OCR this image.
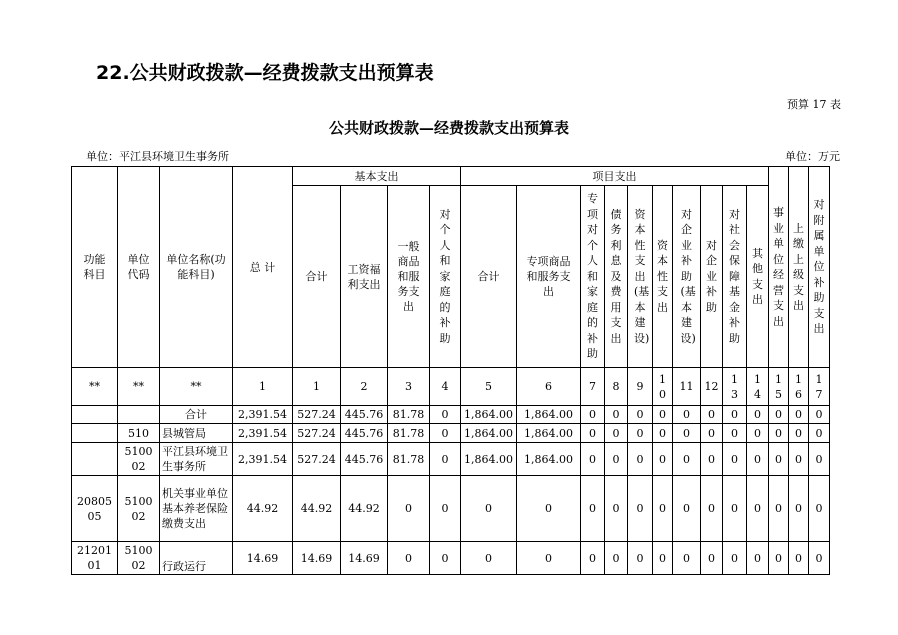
22.公共财政拨款—经费拨款支出预算表
预算 17 表
公共财政拨款—经费拨款支出预算表
单位：平江县环境卫生事务所	单位：万元
功能科目	单位代码	单位名称(功能科目)	总 计	基本支出				项目支出										事业单位经营支出	上缴上级支出	对附属单位补助支出
				合计	工资福利支出	一般商品和服务支出	对个人和家庭的补助	合计	专项商品和服务支出	专项对个人和家庭的补助	债务利息及费用支出	资本性支出(基本建设)	资本性支出	对企业补助(基本建设)	对企业补助	对社会保障基金补助	其他支出			
**	**	**	1	1	2	3	4	5	6	7	8	9	10	11	12	13	14	15	16	17
		合计	2,391.54	527.24	445.76	81.78	0	1,864.00	1,864.00	0	0	0	0	0	0	0	0	0	0	0
	510	县城管局	2,391.54	527.24	445.76	81.78	0	1,864.00	1,864.00	0	0	0	0	0	0	0	0	0	0	0
	510002	平江县环境卫生事务所	2,391.54	527.24	445.76	81.78	0	1,864.00	1,864.00	0	0	0	0	0	0	0	0	0	0	0
2080505	510002	机关事业单位基本养老保险缴费支出	44.92	44.92	44.92	0	0	0	0	0	0	0	0	0	0	0	0	0	0	0
2120101	510002	行政运行	14.69	14.69	14.69	0	0	0	0	0	0	0	0	0	0	0	0	0	0	0
